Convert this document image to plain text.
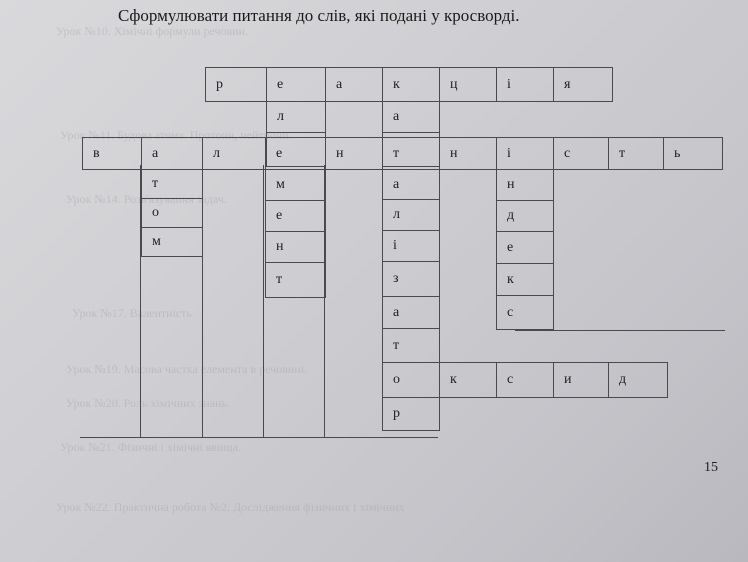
Урок №10. Хімічні формули речовин.
Урок №11. Будова атома. Протони, нейтрони.
Урок №14. Розв'язування задач.
Урок №17. Валентність
Урок №19. Масова частка елемента в речовині.
Урок №20. Роль хімічних знань.
Урок №21. Фізичні і хімічні явища.
Урок №22. Практична робота №2. Дослідження фізичних і хімічних
Сформулювати питання до слів, які подані у кросворді.
р	е	а	к	ц	і	я
л	а
в	а	л	е	н	т	н	і	с	т	ь
т
о
м
м
е
н
т
а
л
і
з
а
т
н
д
е
к
с
о	к	с	и	д
р
15
